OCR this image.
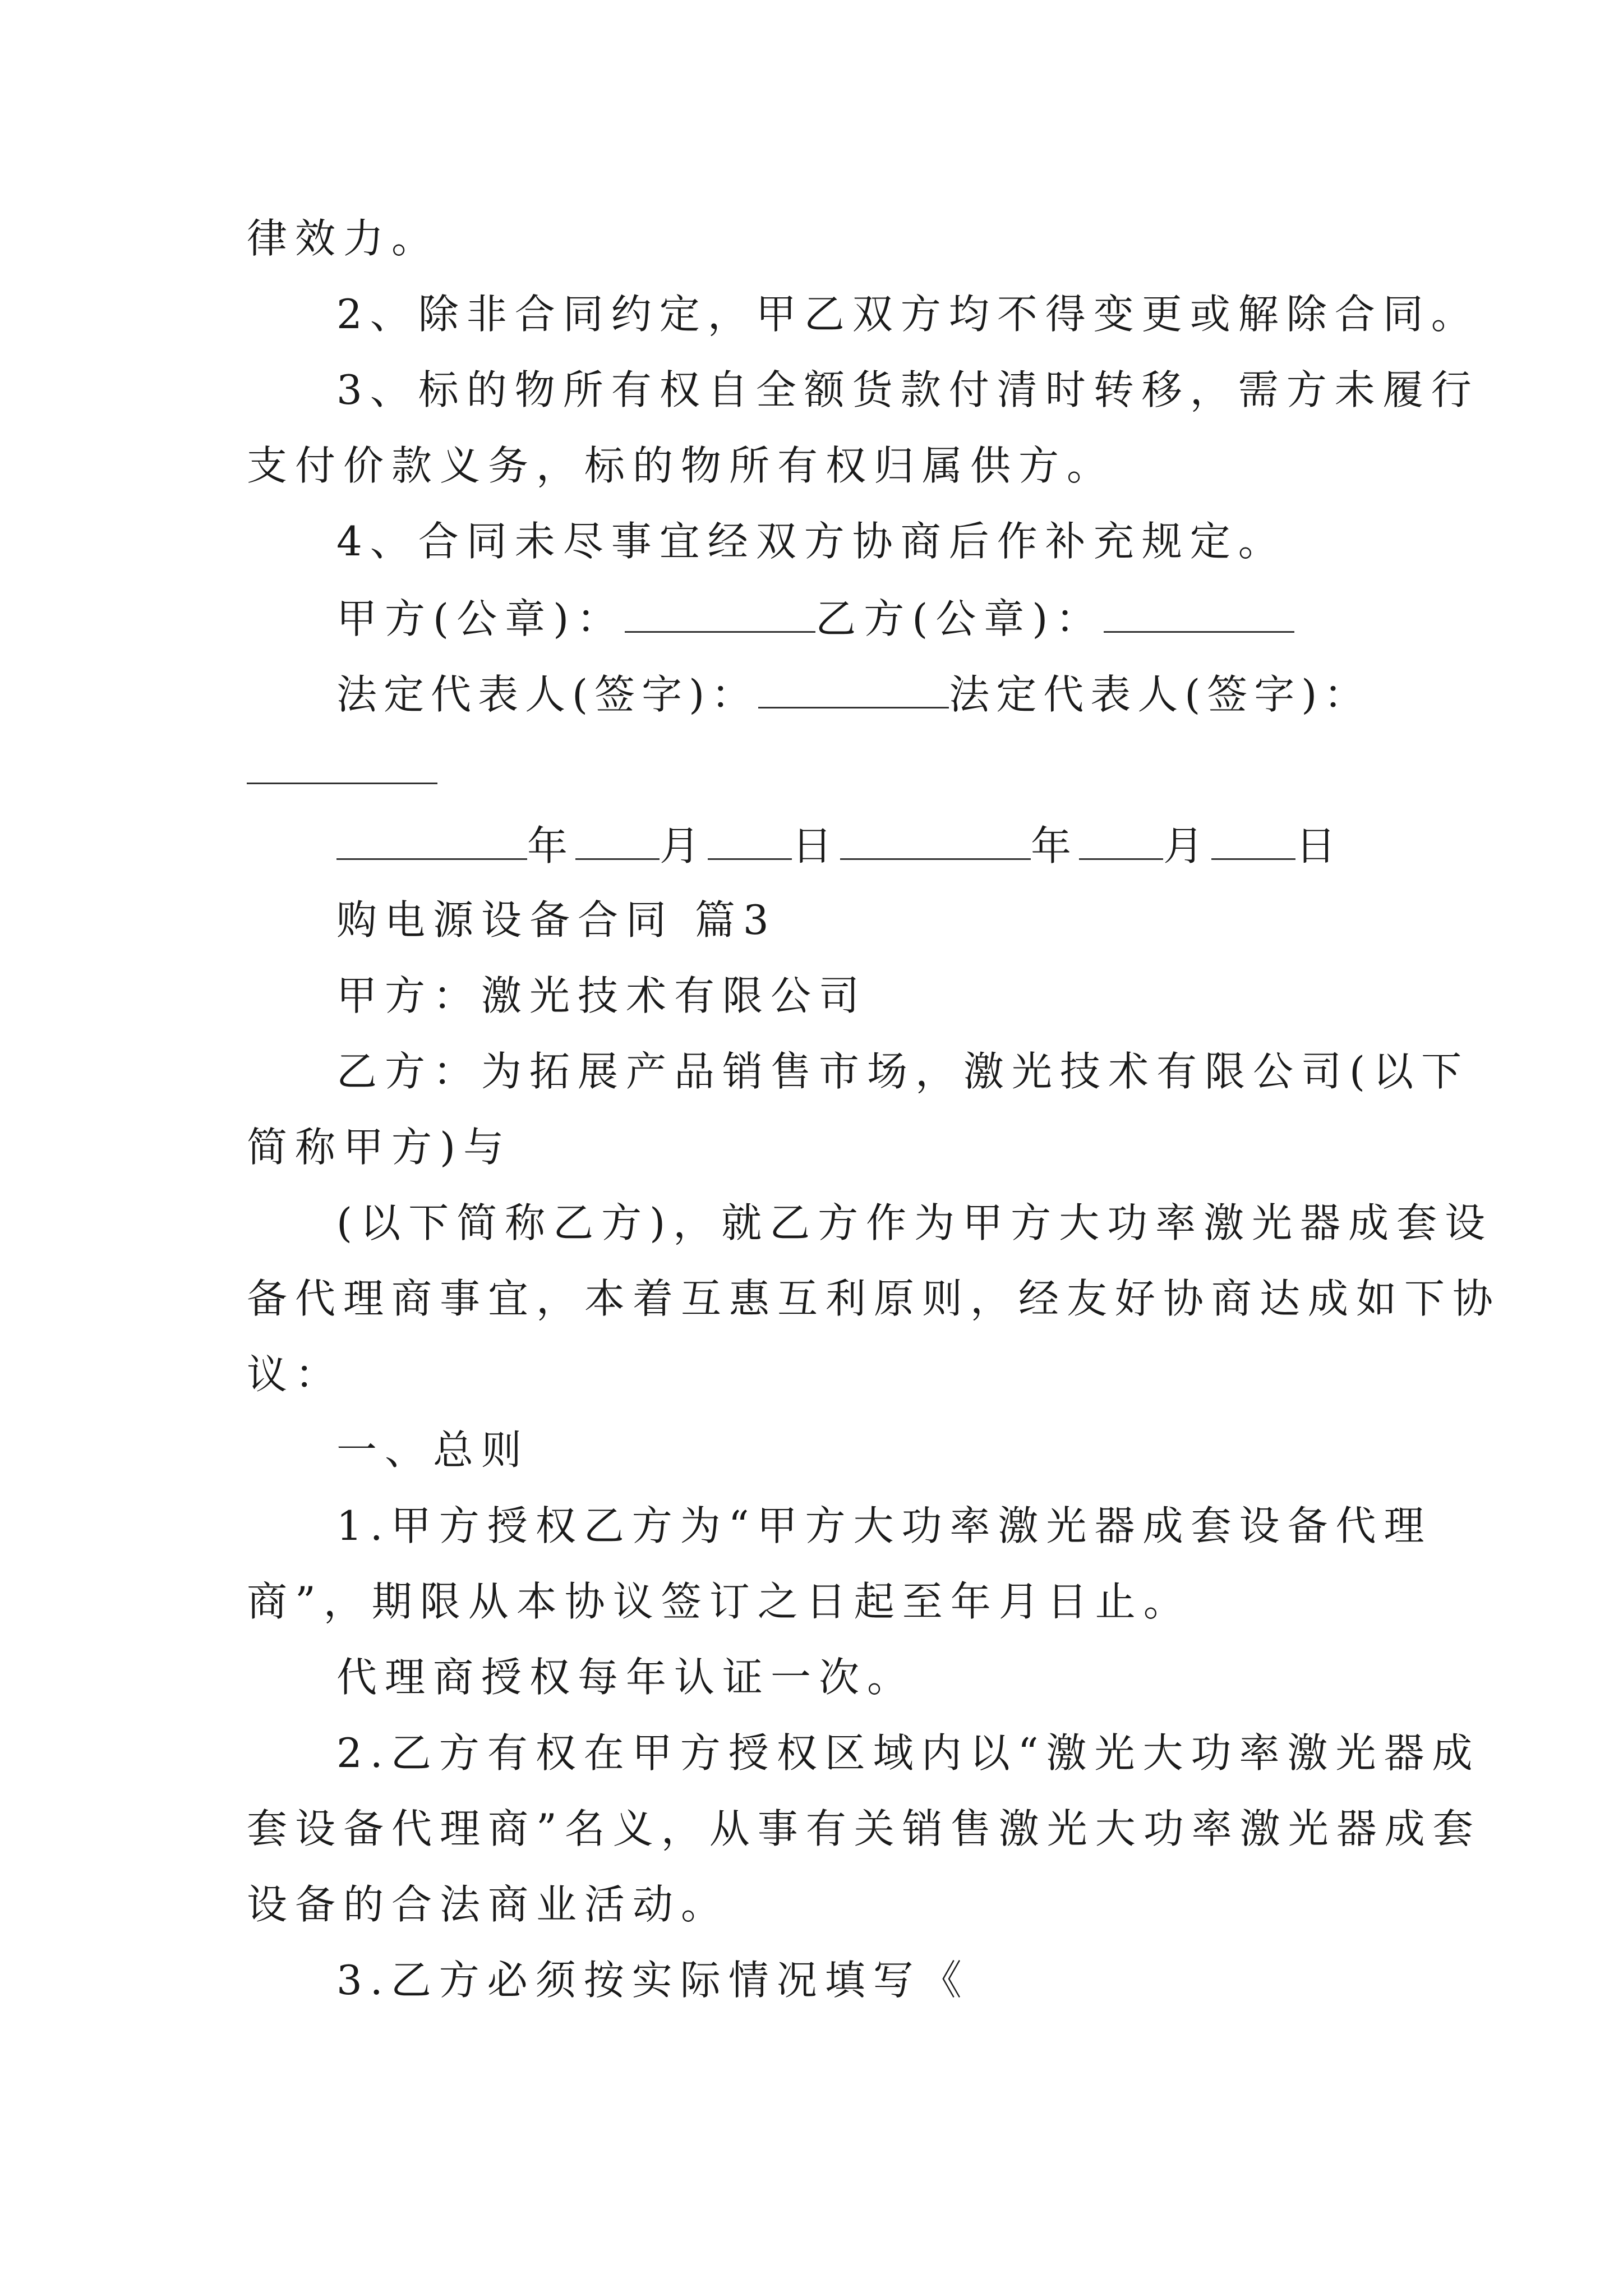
律效力。
2、除非合同约定，甲乙双方均不得变更或解除合同。
3、标的物所有权自全额货款付清时转移，需方未履行
支付价款义务，标的物所有权归属供方。
4、合同未尽事宜经双方协商后作补充规定。
甲方(公章)：	乙方(公章)：
法定代表人(签字)：	法定代表人(签字)：
年 月 日	年 月 日
购电源设备合同 篇3
甲方：激光技术有限公司
乙方：为拓展产品销售市场，激光技术有限公司(以下
简称甲方)与
(以下简称乙方)，就乙方作为甲方大功率激光器成套设
备代理商事宜，本着互惠互利原则，经友好协商达成如下协
议：
一、总则
1.甲方授权乙方为“甲方大功率激光器成套设备代理
商”，期限从本协议签订之日起至年月日止。
代理商授权每年认证一次。
2.乙方有权在甲方授权区域内以“激光大功率激光器成
套设备代理商”名义，从事有关销售激光大功率激光器成套
设备的合法商业活动。
3.乙方必须按实际情况填写《
